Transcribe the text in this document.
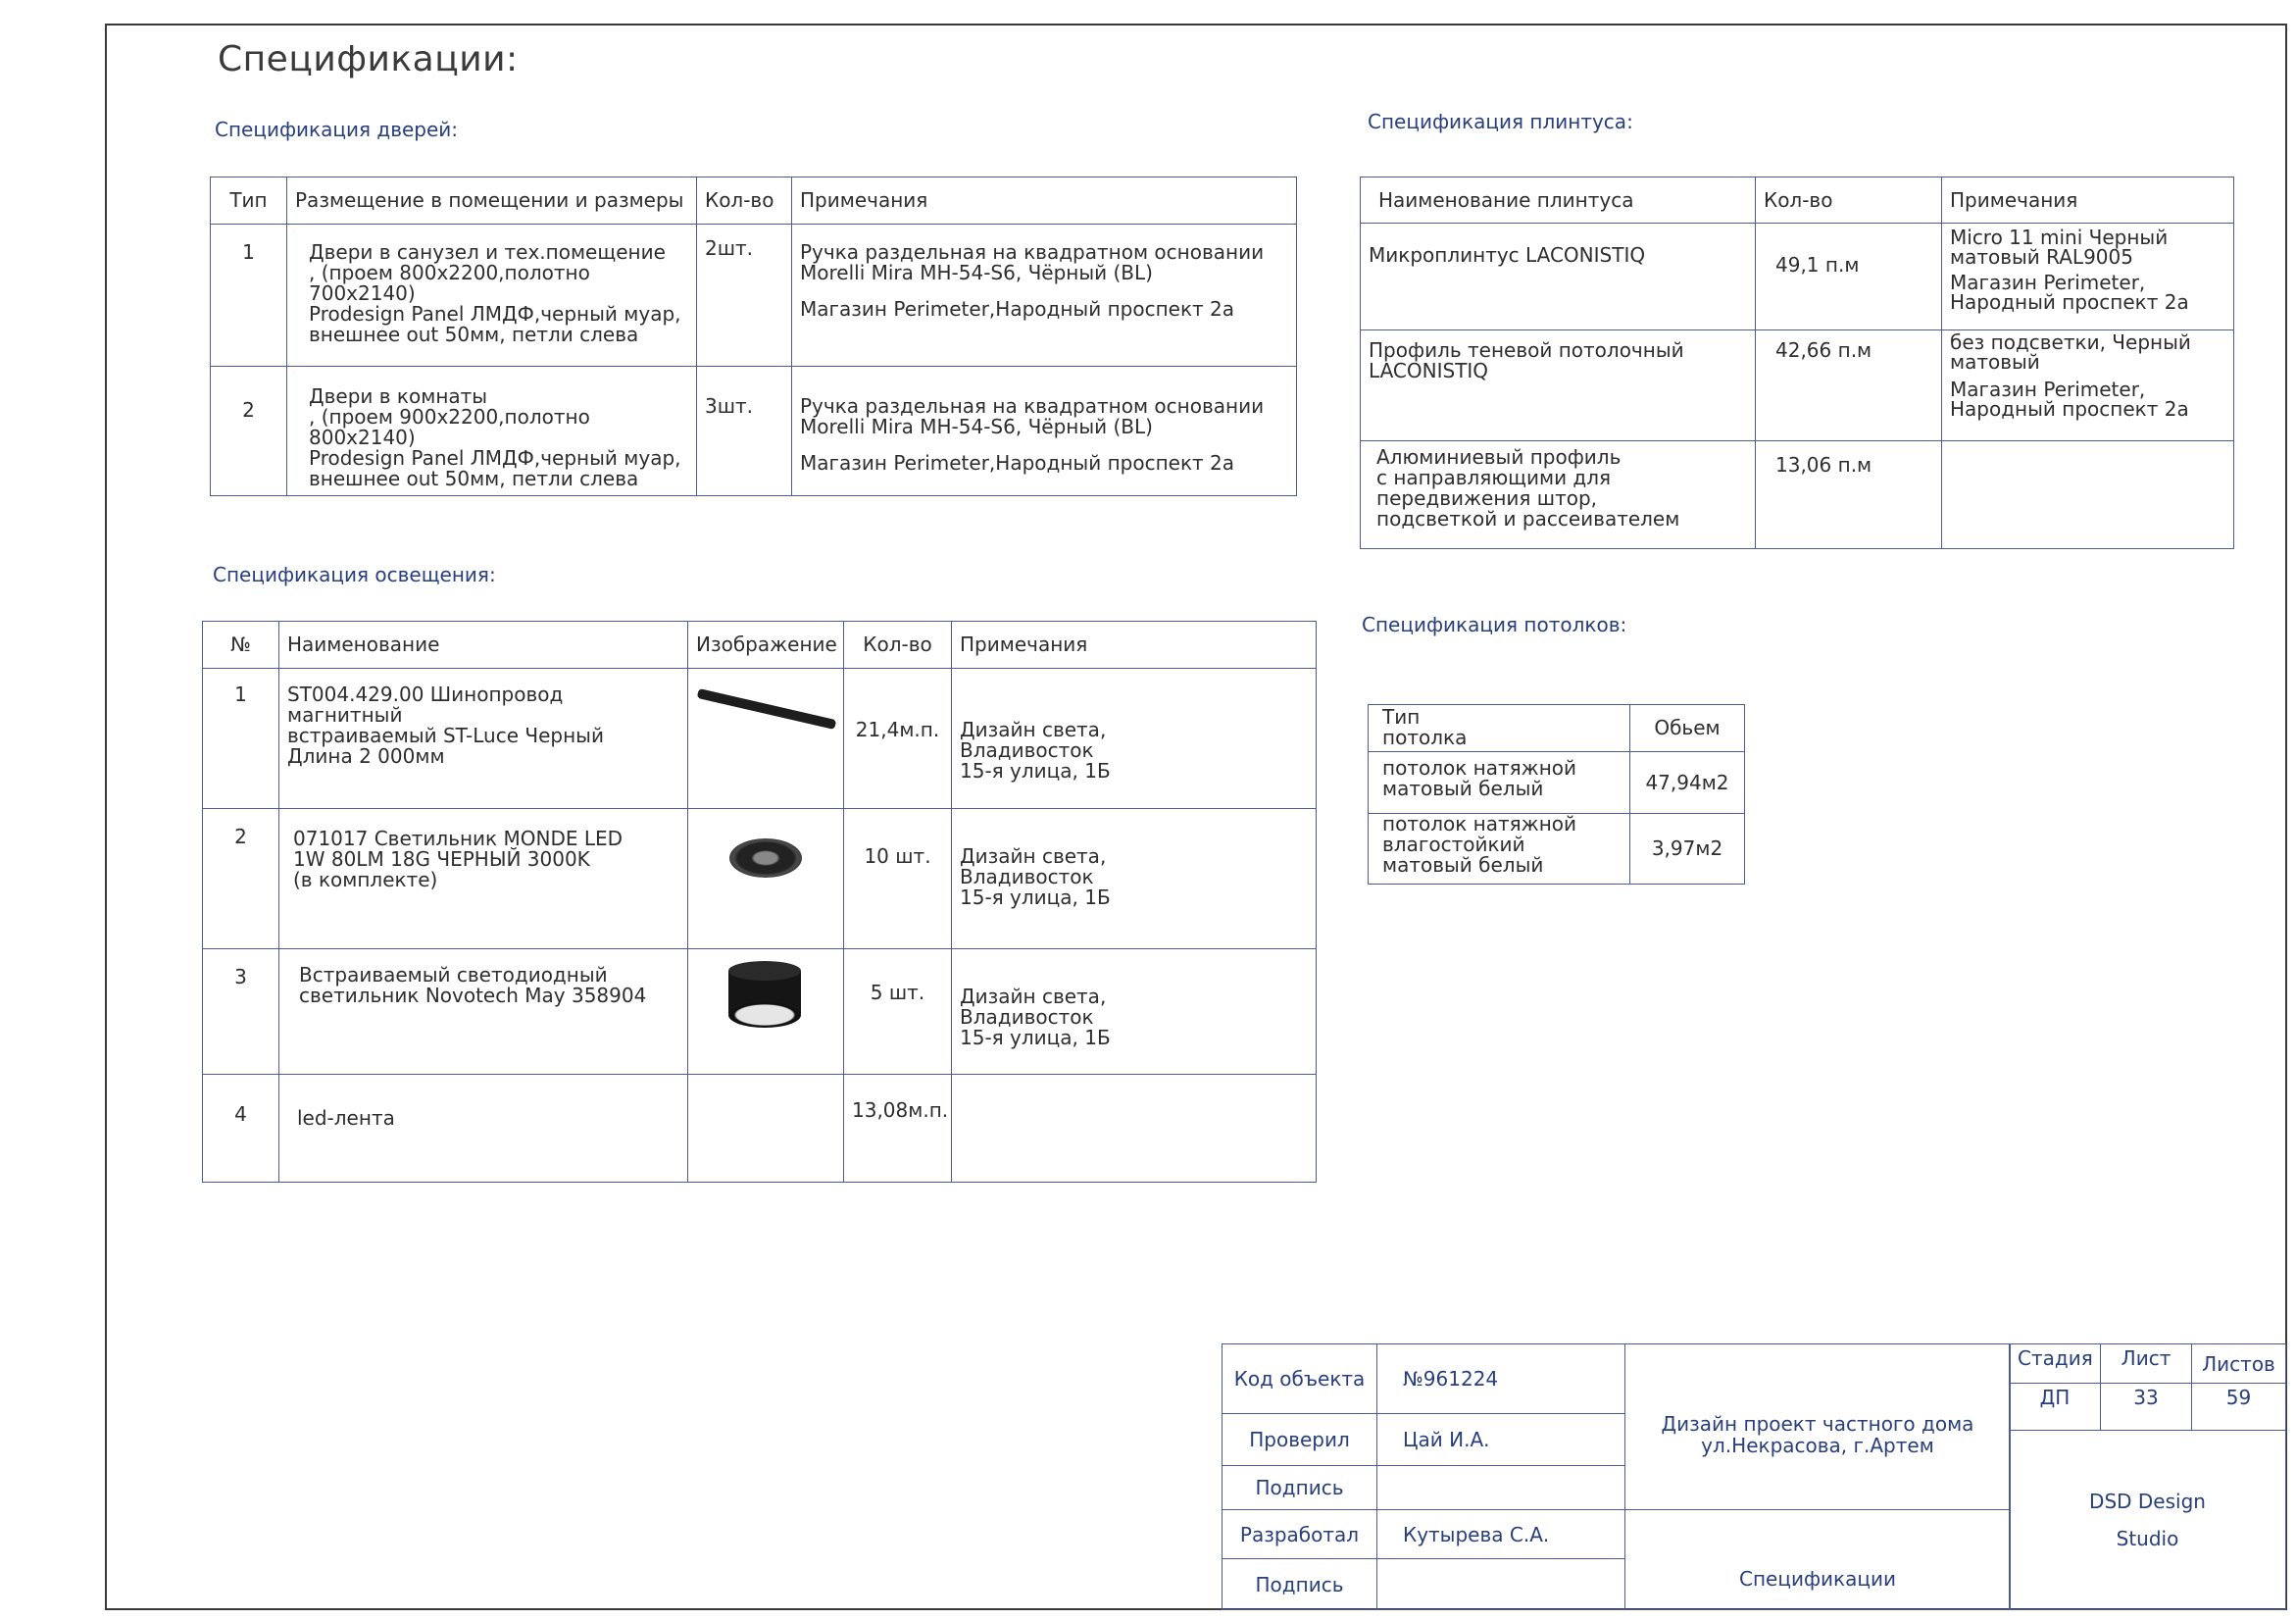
Спецификации:
Спецификация дверей:
Тип	Размещение в помещении и размеры	Кол-во	Примечания
1	Двери в санузел и тех.помещение
, (проем 800х2200,полотно 700х2140)
Prodesign Panel ЛМДФ,черный муар,
внешнее out 50мм, петли слева	2шт.	Ручка раздельная на квадратном основании
Morelli Mira MH-54-S6, Чёрный (BL)
Магазин Perimeter,Народный проспект 2а
2	Двери в комнаты
, (проем 900х2200,полотно 800х2140)
Prodesign Panel ЛМДФ,черный муар,
внешнее out 50мм, петли слева	3шт.	Ручка раздельная на квадратном основании
Morelli Mira MH-54-S6, Чёрный (BL)
Магазин Perimeter,Народный проспект 2а
Спецификация освещения:
№	Наименование	Изображение	Кол-во	Примечания
1	ST004.429.00 Шинопровод магнитный
встраиваемый ST-Luce Черный
Длина 2 000мм		21,4м.п.	Дизайн света,
Владивосток
15-я улица, 1Б
2	071017 Светильник MONDE LED
1W 80LM 18G ЧЕРНЫЙ 3000K
(в комплекте)		10 шт.	Дизайн света,
Владивосток
15-я улица, 1Б
3	Встраиваемый светодиодный
светильник Novotech May 358904		5 шт.	Дизайн света,
Владивосток
15-я улица, 1Б
4	led-лента		13,08м.п.	
Спецификация плинтуса:
Наименование плинтуса	Кол-во	Примечания
Микроплинтус LACONISTIQ	49,1 п.м	Micro 11 mini Черный
матовый RAL9005
Магазин Perimeter,
Народный проспект 2а
Профиль теневой потолочный
LACONISTIQ	42,66 п.м	без подсветки, Черный
матовый
Магазин Perimeter,
Народный проспект 2а
Алюминиевый профиль
с направляющими для
передвижения штор,
подсветкой и рассеивателем	13,06 п.м	
Спецификация потолков:
Тип
потолка	Обьем
потолок натяжной
матовый белый	47,94м2
потолок натяжной
влагостойкий
матовый белый	3,97м2
Код объекта	№961224	Дизайн проект частного дома
ул.Некрасова, г.Артем
Проверил	Цай И.А.	
Подпись		
Разработал	Кутырева С.А.	Спецификации
Подпись		
Стадия	Лист	Листов
ДП	33	59
DSD Design
Studio		
